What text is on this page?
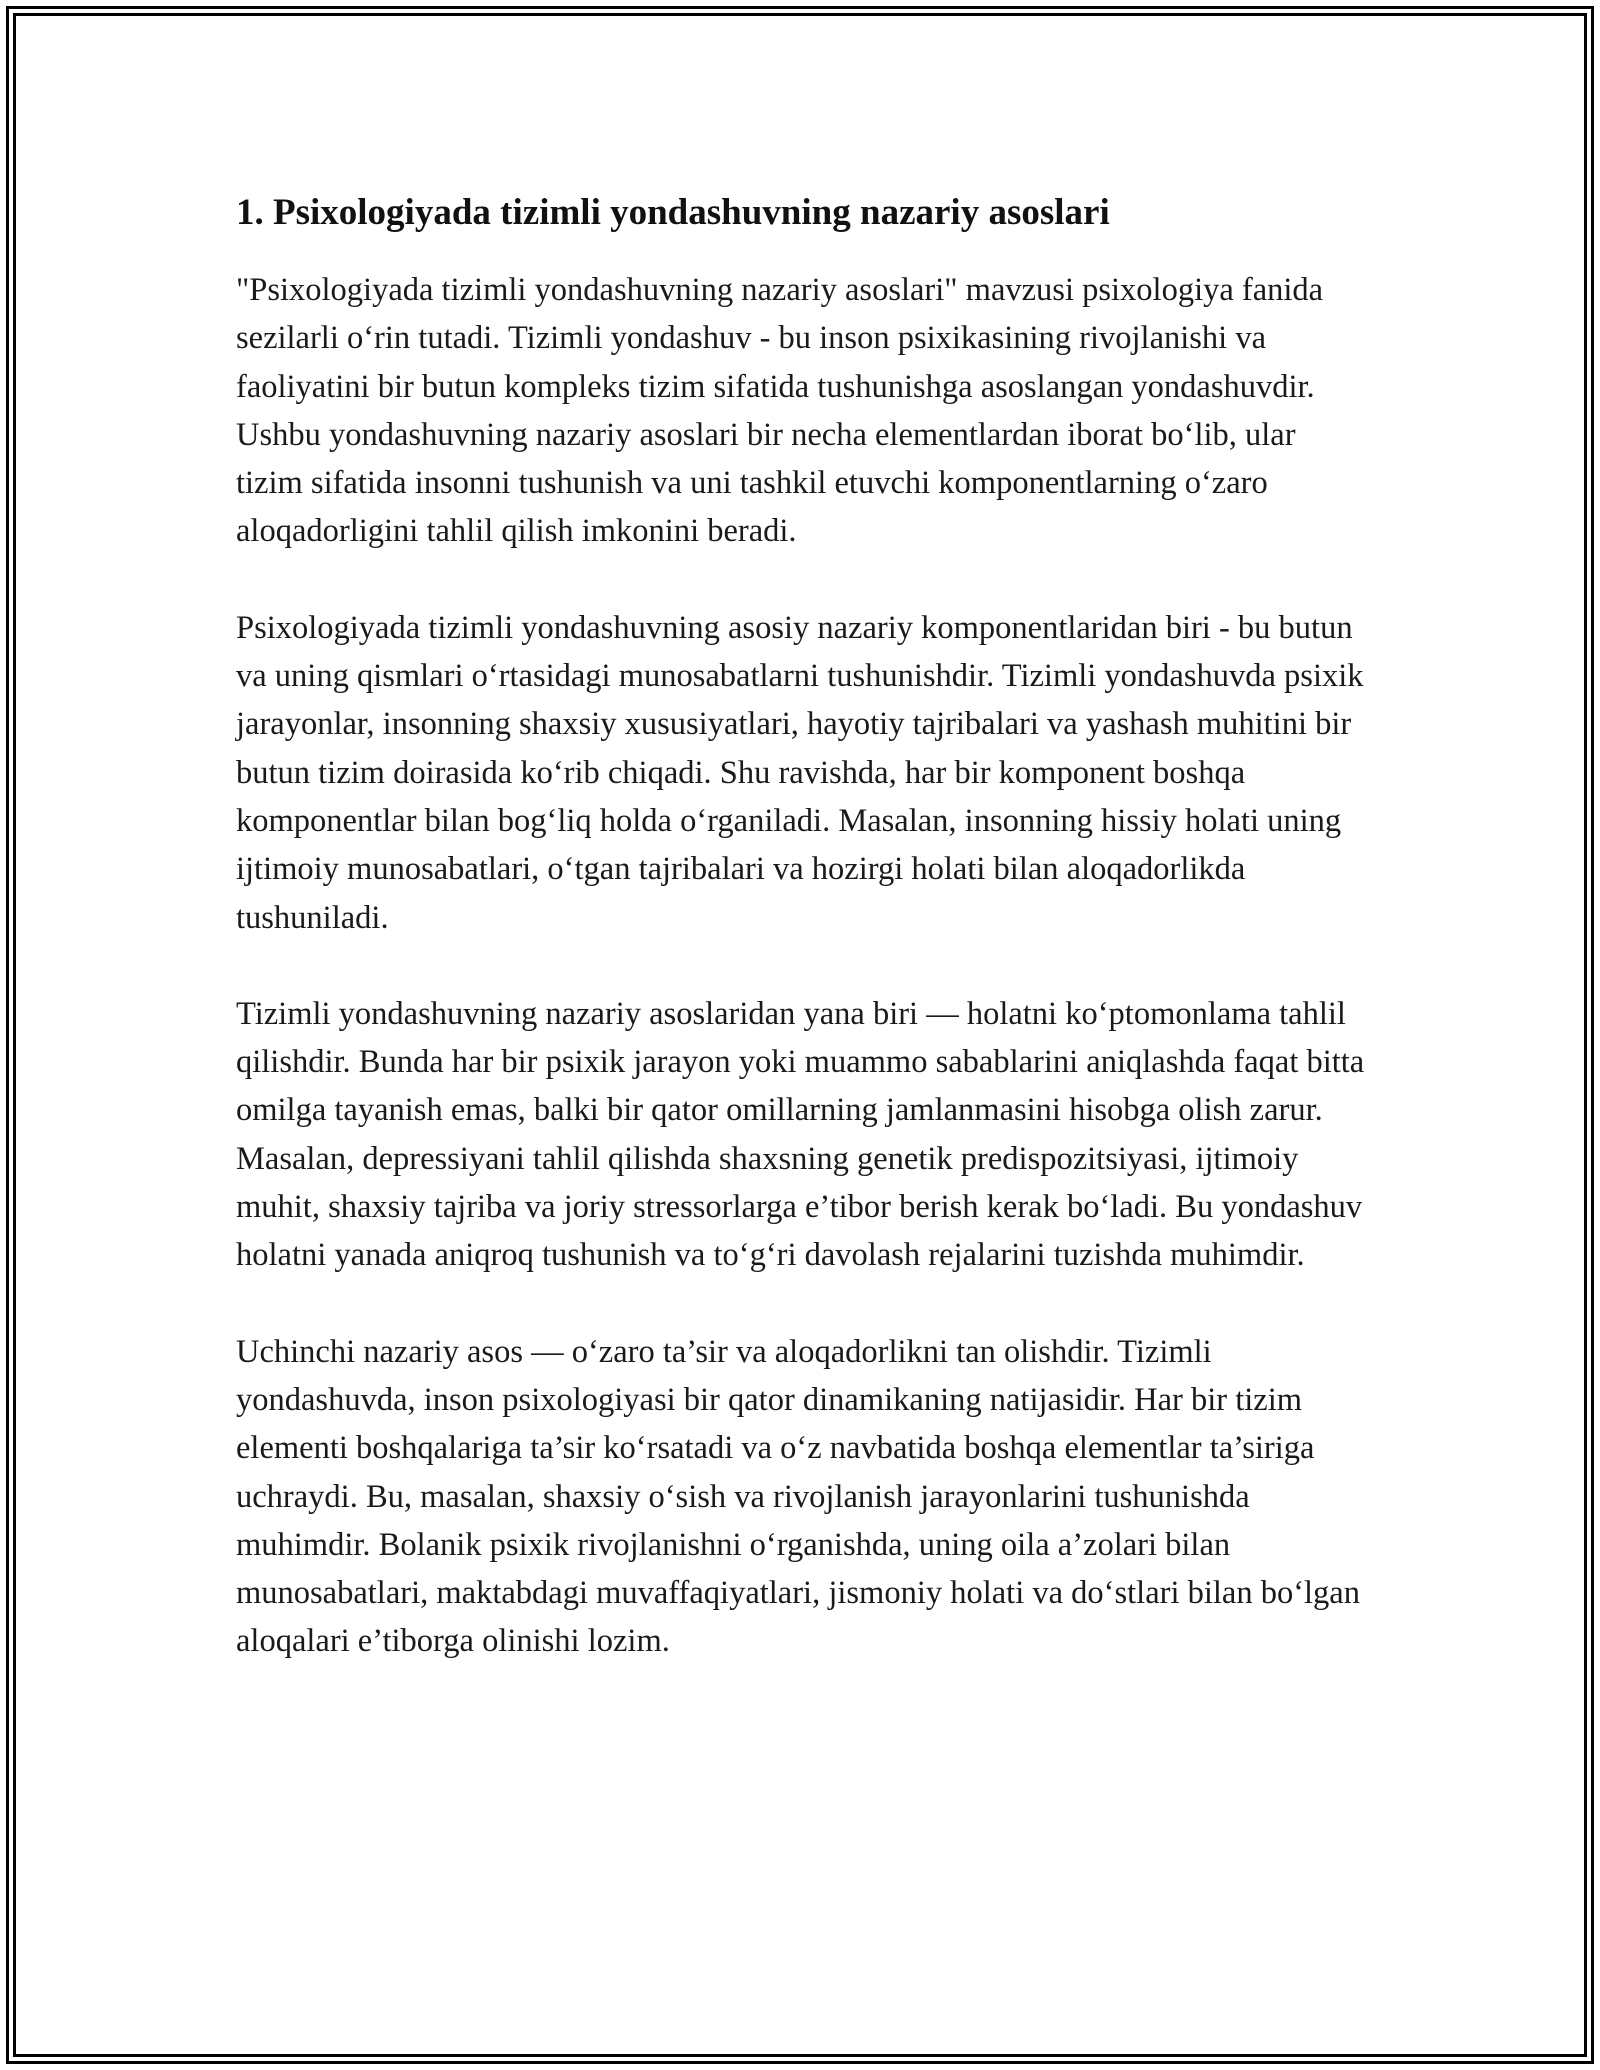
1. Psixologiyada tizimli yondashuvning nazariy asoslari

"Psixologiyada tizimli yondashuvning nazariy asoslari" mavzusi psixologiya fanida sezilarli o‘rin tutadi. Tizimli yondashuv - bu inson psixikasining rivojlanishi va faoliyatini bir butun kompleks tizim sifatida tushunishga asoslangan yondashuvdir. Ushbu yondashuvning nazariy asoslari bir necha elementlardan iborat bo‘lib, ular tizim sifatida insonni tushunish va uni tashkil etuvchi komponentlarning o‘zaro aloqadorligini tahlil qilish imkonini beradi.

Psixologiyada tizimli yondashuvning asosiy nazariy komponentlaridan biri - bu butun va uning qismlari o‘rtasidagi munosabatlarni tushunishdir. Tizimli yondashuvda psixik jarayonlar, insonning shaxsiy xususiyatlari, hayotiy tajribalari va yashash muhitini bir butun tizim doirasida ko‘rib chiqadi. Shu ravishda, har bir komponent boshqa komponentlar bilan bog‘liq holda o‘rganiladi. Masalan, insonning hissiy holati uning ijtimoiy munosabatlari, o‘tgan tajribalari va hozirgi holati bilan aloqadorlikda tushuniladi.

Tizimli yondashuvning nazariy asoslaridan yana biri — holatni ko‘ptomonlama tahlil qilishdir. Bunda har bir psixik jarayon yoki muammo sabablarini aniqlashda faqat bitta omilga tayanish emas, balki bir qator omillarning jamlanmasini hisobga olish zarur. Masalan, depressiyani tahlil qilishda shaxsning genetik predispozitsiyasi, ijtimoiy muhit, shaxsiy tajriba va joriy stressorlarga e’tibor berish kerak bo‘ladi. Bu yondashuv holatni yanada aniqroq tushunish va to‘g‘ri davolash rejalarini tuzishda muhimdir.

Uchinchi nazariy asos — o‘zaro ta’sir va aloqadorlikni tan olishdir. Tizimli yondashuvda, inson psixologiyasi bir qator dinamikaning natijasidir. Har bir tizim elementi boshqalariga ta’sir ko‘rsatadi va o‘z navbatida boshqa elementlar ta’siriga uchraydi. Bu, masalan, shaxsiy o‘sish va rivojlanish jarayonlarini tushunishda muhimdir. Bolanik psixik rivojlanishni o‘rganishda, uning oila a’zolari bilan munosabatlari, maktabdagi muvaffaqiyatlari, jismoniy holati va do‘stlari bilan bo‘lgan aloqalari e’tiborga olinishi lozim.
